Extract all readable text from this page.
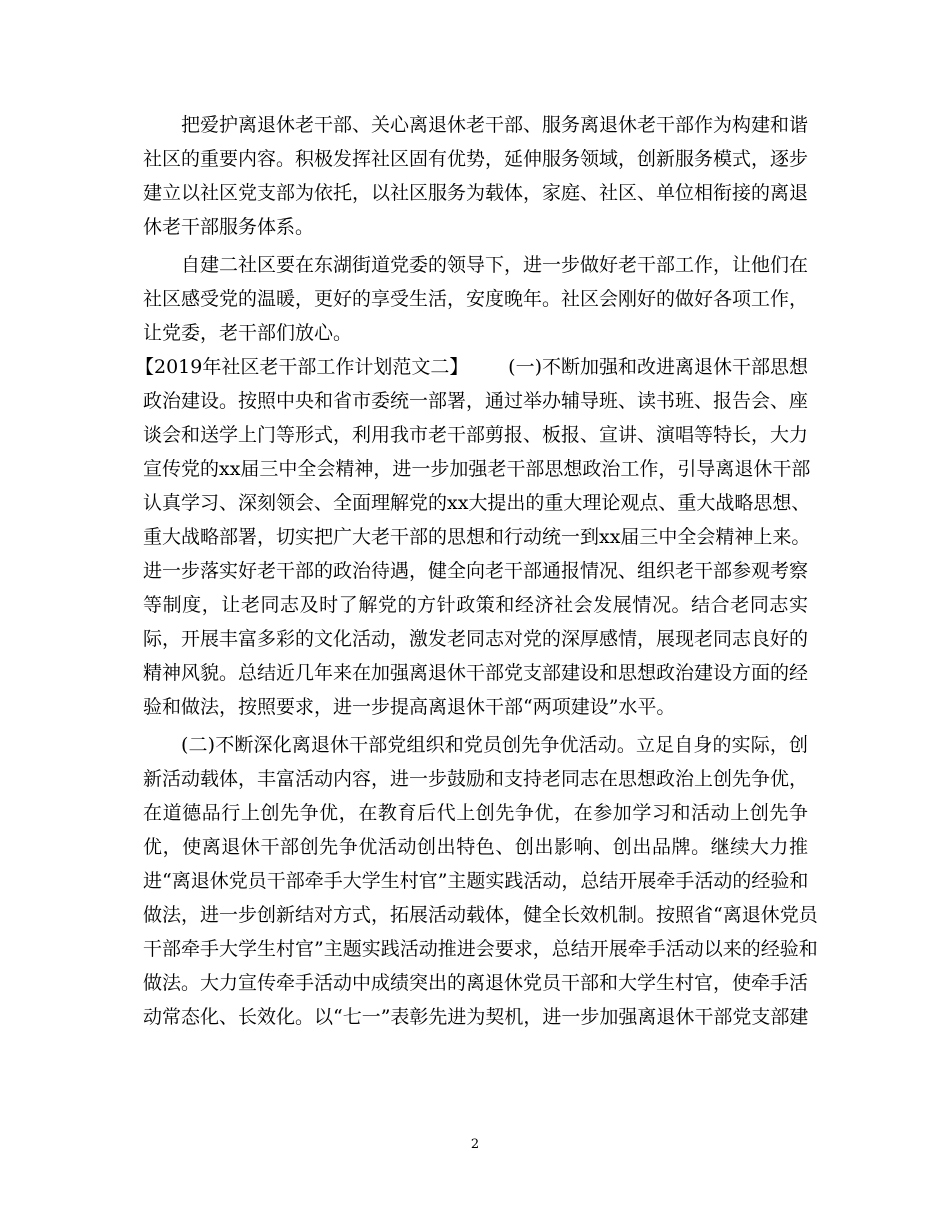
把爱护离退休老干部、关心离退休老干部、服务离退休老干部作为构建和谐
社区的重要内容。积极发挥社区固有优势，延伸服务领域，创新服务模式，逐步
建立以社区党支部为依托，以社区服务为载体，家庭、社区、单位相衔接的离退
休老干部服务体系。
自建二社区要在东湖街道党委的领导下，进一步做好老干部工作，让他们在
社区感受党的温暖，更好的享受生活，安度晚年。社区会刚好的做好各项工作，
让党委，老干部们放心。
【2019年社区老干部工作计划范文二】 (一)不断加强和改进离退休干部思想
政治建设。按照中央和省市委统一部署，通过举办辅导班、读书班、报告会、座
谈会和送学上门等形式，利用我市老干部剪报、板报、宣讲、演唱等特长，大力
宣传党的xx届三中全会精神，进一步加强老干部思想政治工作，引导离退休干部
认真学习、深刻领会、全面理解党的xx大提出的重大理论观点、重大战略思想、
重大战略部署，切实把广大老干部的思想和行动统一到xx届三中全会精神上来。
进一步落实好老干部的政治待遇，健全向老干部通报情况、组织老干部参观考察
等制度，让老同志及时了解党的方针政策和经济社会发展情况。结合老同志实
际，开展丰富多彩的文化活动，激发老同志对党的深厚感情，展现老同志良好的
精神风貌。总结近几年来在加强离退休干部党支部建设和思想政治建设方面的经
验和做法，按照要求，进一步提高离退休干部“两项建设”水平。
(二)不断深化离退休干部党组织和党员创先争优活动。立足自身的实际，创
新活动载体，丰富活动内容，进一步鼓励和支持老同志在思想政治上创先争优，
在道德品行上创先争优，在教育后代上创先争优，在参加学习和活动上创先争
优，使离退休干部创先争优活动创出特色、创出影响、创出品牌。继续大力推
进“离退休党员干部牵手大学生村官”主题实践活动，总结开展牵手活动的经验和
做法，进一步创新结对方式，拓展活动载体，健全长效机制。按照省“离退休党员
干部牵手大学生村官”主题实践活动推进会要求，总结开展牵手活动以来的经验和
做法。大力宣传牵手活动中成绩突出的离退休党员干部和大学生村官，使牵手活
动常态化、长效化。以“七一”表彰先进为契机，进一步加强离退休干部党支部建
2
